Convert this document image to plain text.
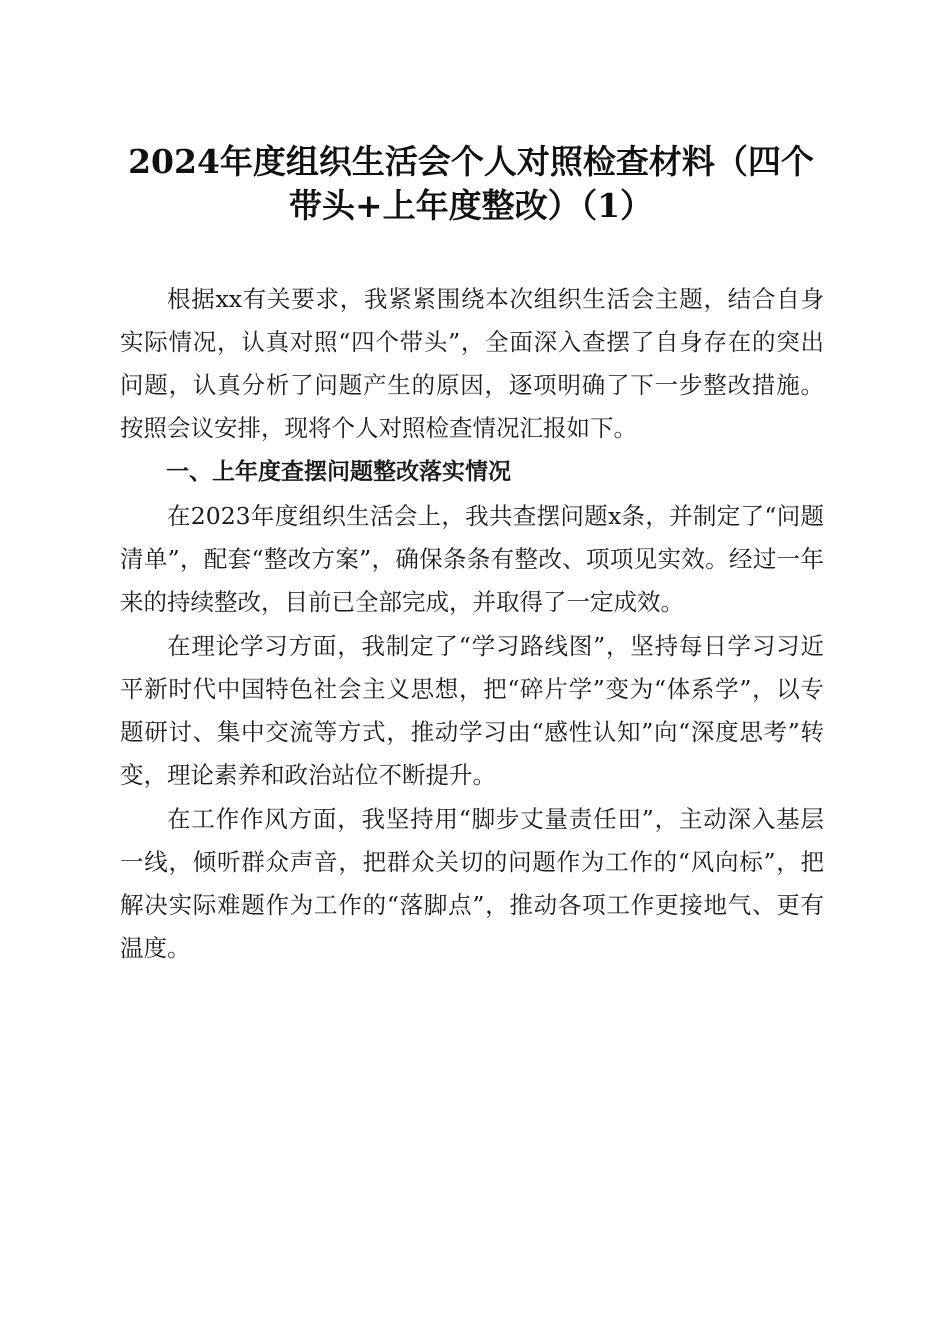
2024年度组织生活会个人对照检查材料（四个带头+上年度整改）（1）

根据xx有关要求，我紧紧围绕本次组织生活会主题，结合自身实际情况，认真对照“四个带头”，全面深入查摆了自身存在的突出问题，认真分析了问题产生的原因，逐项明确了下一步整改措施。按照会议安排，现将个人对照检查情况汇报如下。

一、上年度查摆问题整改落实情况

在2023年度组织生活会上，我共查摆问题x条，并制定了“问题清单”，配套“整改方案”，确保条条有整改、项项见实效。经过一年来的持续整改，目前已全部完成，并取得了一定成效。

在理论学习方面，我制定了“学习路线图”，坚持每日学习习近平新时代中国特色社会主义思想，把“碎片学”变为“体系学”，以专题研讨、集中交流等方式，推动学习由“感性认知”向“深度思考”转变，理论素养和政治站位不断提升。

在工作作风方面，我坚持用“脚步丈量责任田”，主动深入基层一线，倾听群众声音，把群众关切的问题作为工作的“风向标”，把解决实际难题作为工作的“落脚点”，推动各项工作更接地气、更有温度。
